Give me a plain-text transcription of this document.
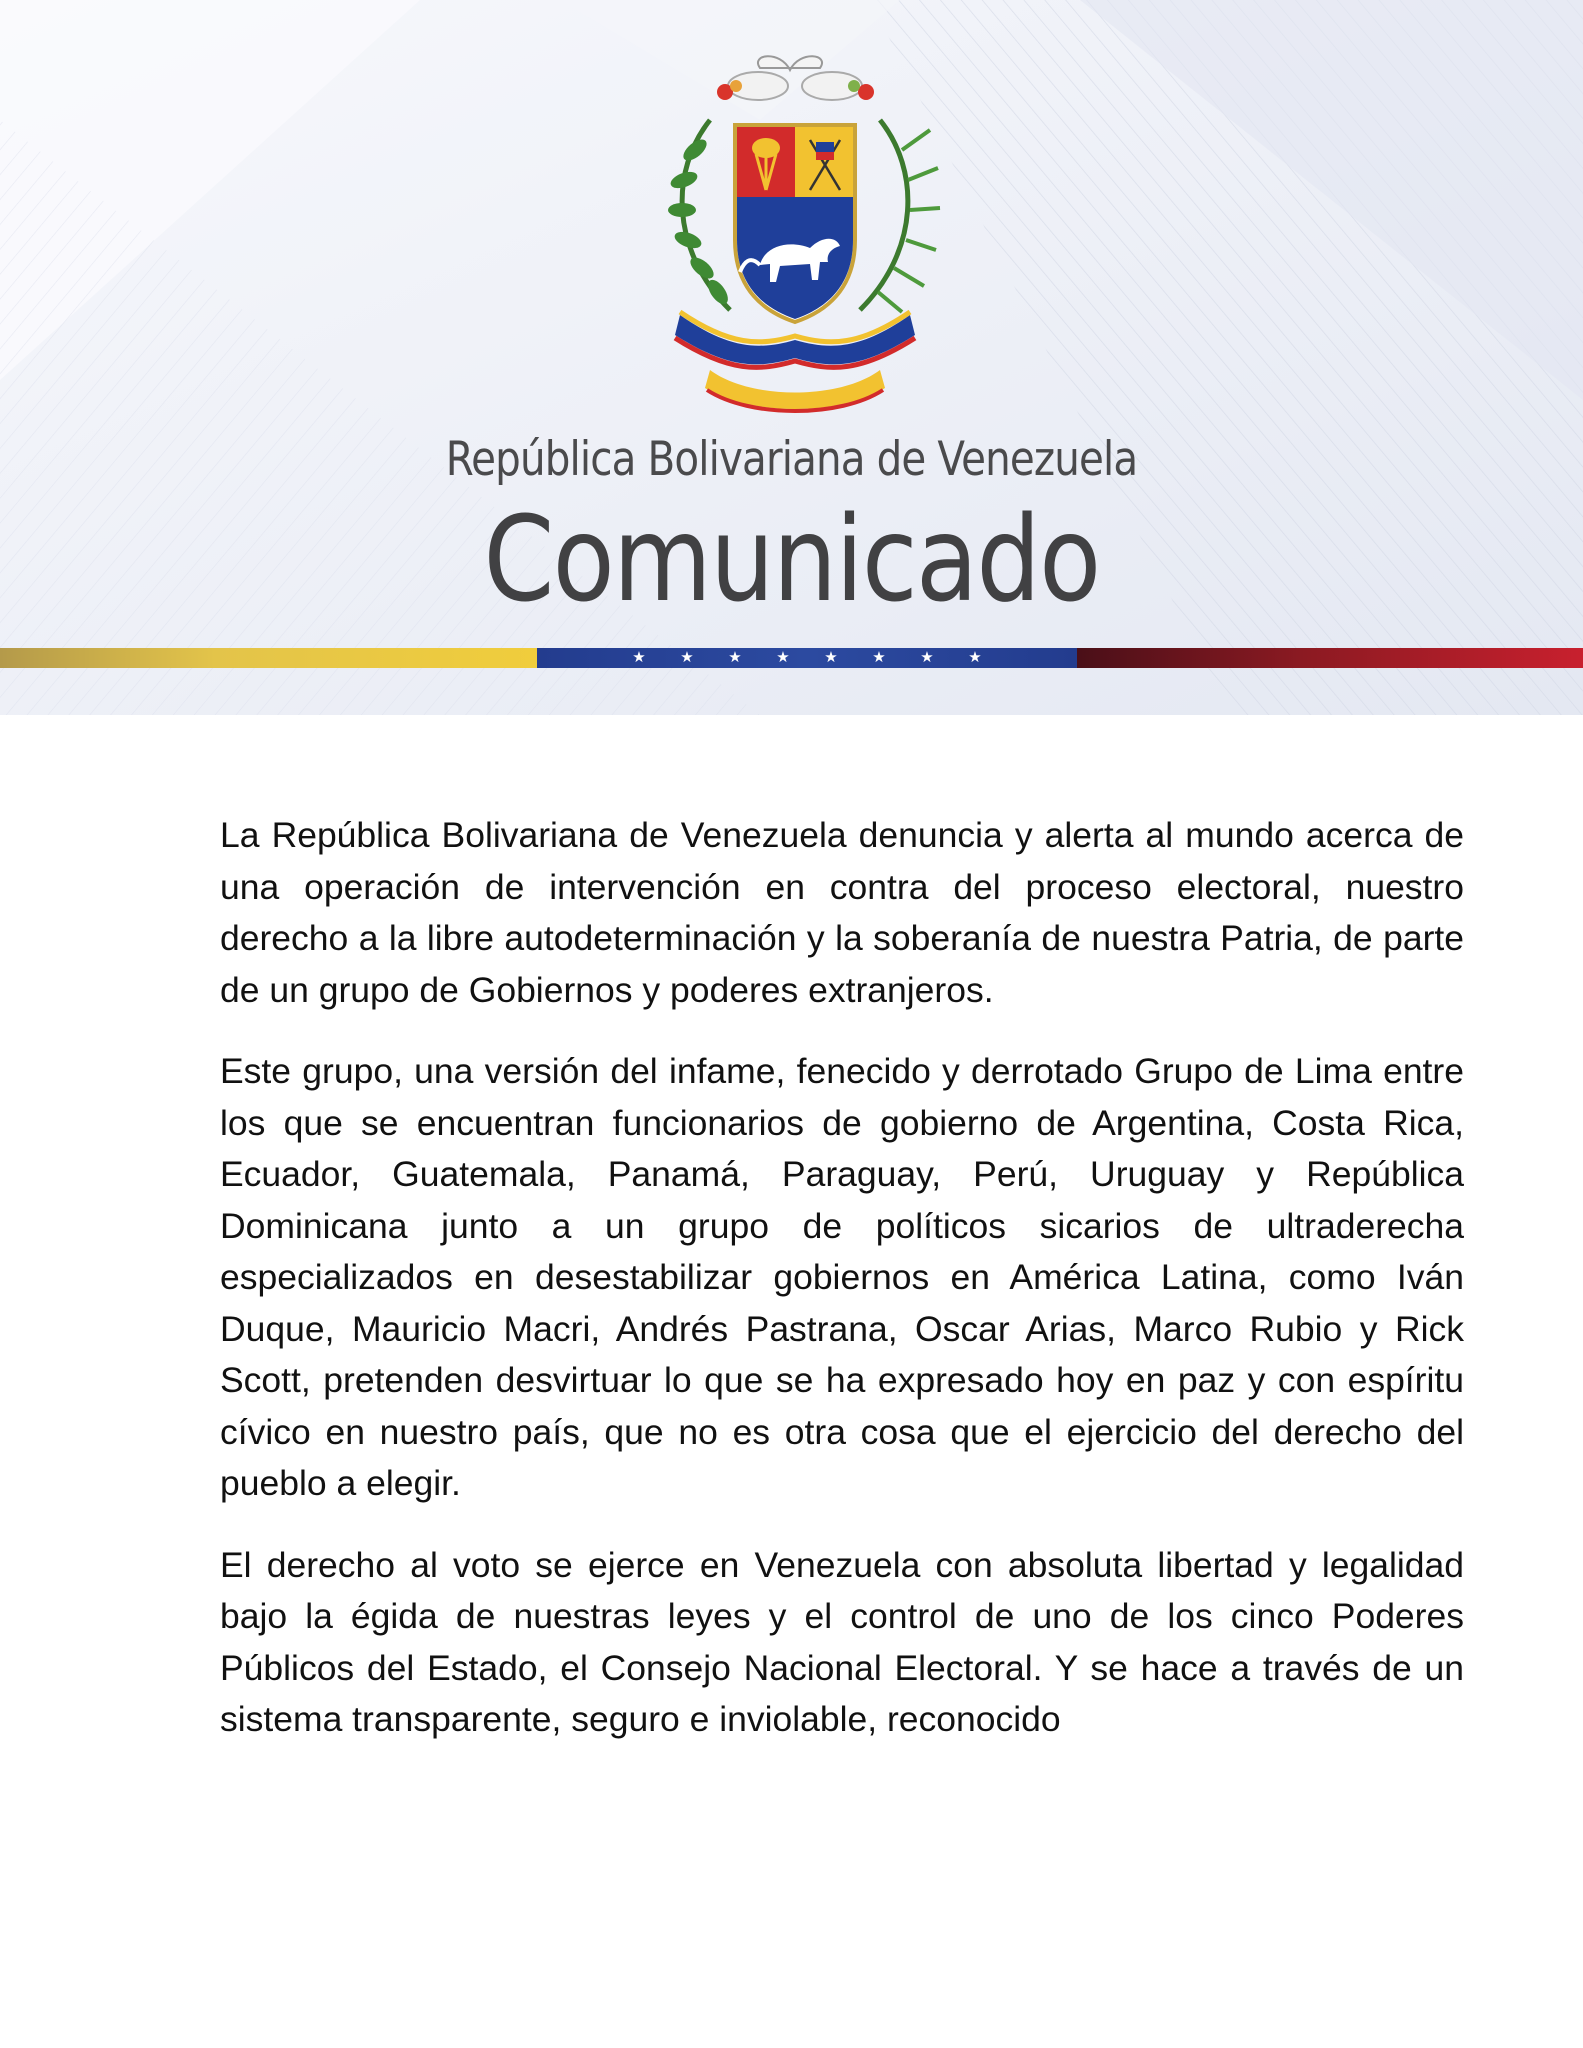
República Bolivariana de Venezuela
Comunicado
★ ★ ★ ★ ★ ★ ★ ★

La República Bolivariana de Venezuela denuncia y alerta al mundo acerca de una operación de intervención en contra del proceso electoral, nuestro derecho a la libre autodeterminación y la soberanía de nuestra Patria, de parte de un grupo de Gobiernos y poderes extranjeros.

Este grupo, una versión del infame, fenecido y derrotado Grupo de Lima entre los que se encuentran funcionarios de gobierno de Argentina, Costa Rica, Ecuador, Guatemala, Panamá, Paraguay, Perú, Uruguay y República Dominicana junto a un grupo de políticos sicarios de ultraderecha especializados en desestabilizar gobiernos en América Latina, como Iván Duque, Mauricio Macri, Andrés Pastrana, Oscar Arias, Marco Rubio y Rick Scott, pretenden desvirtuar lo que se ha expresado hoy en paz y con espíritu cívico en nuestro país, que no es otra cosa que el ejercicio del derecho del pueblo a elegir.

El derecho al voto se ejerce en Venezuela con absoluta libertad y legalidad bajo la égida de nuestras leyes y el control de uno de los cinco Poderes Públicos del Estado, el Consejo Nacional Electoral. Y se hace a través de un sistema transparente, seguro e inviolable, reconocido
